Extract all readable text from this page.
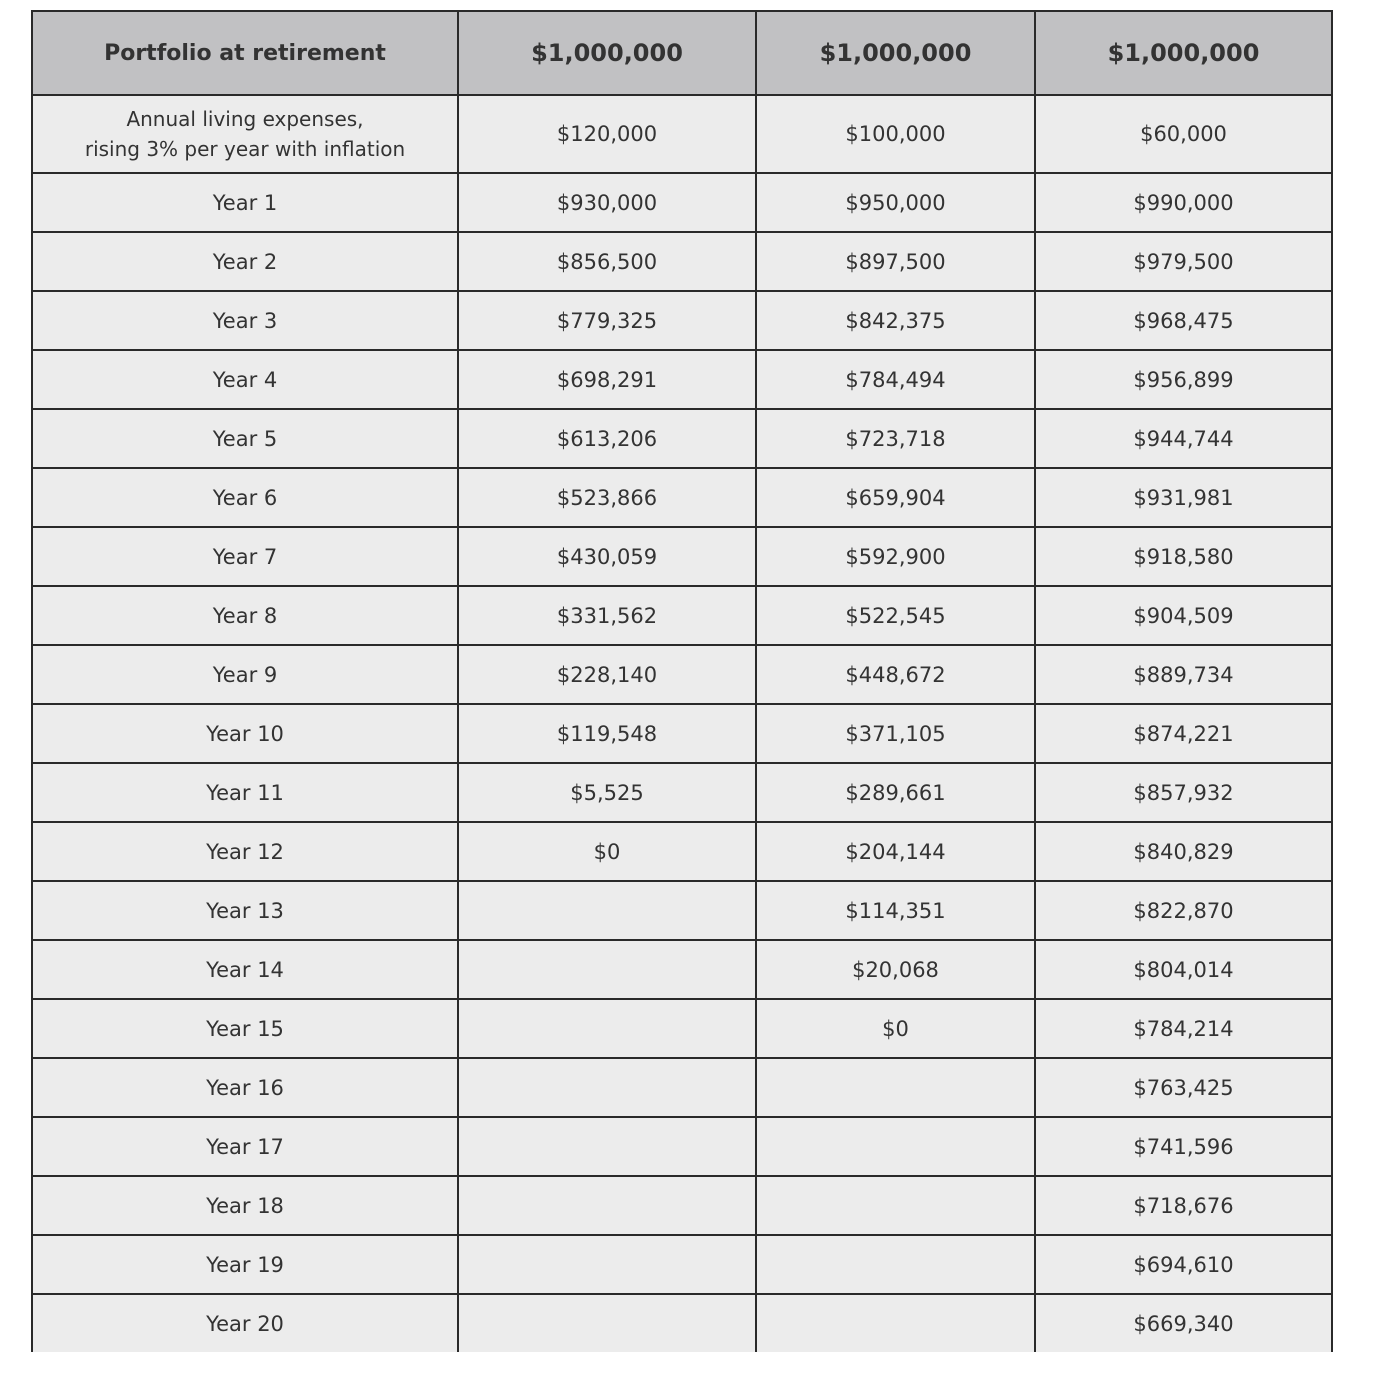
Portfolio at retirement	$1,000,000	$1,000,000	$1,000,000
Annual living expenses,
rising 3% per year with inflation	$120,000	$100,000	$60,000
Year 1	$930,000	$950,000	$990,000
Year 2	$856,500	$897,500	$979,500
Year 3	$779,325	$842,375	$968,475
Year 4	$698,291	$784,494	$956,899
Year 5	$613,206	$723,718	$944,744
Year 6	$523,866	$659,904	$931,981
Year 7	$430,059	$592,900	$918,580
Year 8	$331,562	$522,545	$904,509
Year 9	$228,140	$448,672	$889,734
Year 10	$119,548	$371,105	$874,221
Year 11	$5,525	$289,661	$857,932
Year 12	$0	$204,144	$840,829
Year 13		$114,351	$822,870
Year 14		$20,068	$804,014
Year 15		$0	$784,214
Year 16			$763,425
Year 17			$741,596
Year 18			$718,676
Year 19			$694,610
Year 20			$669,340
